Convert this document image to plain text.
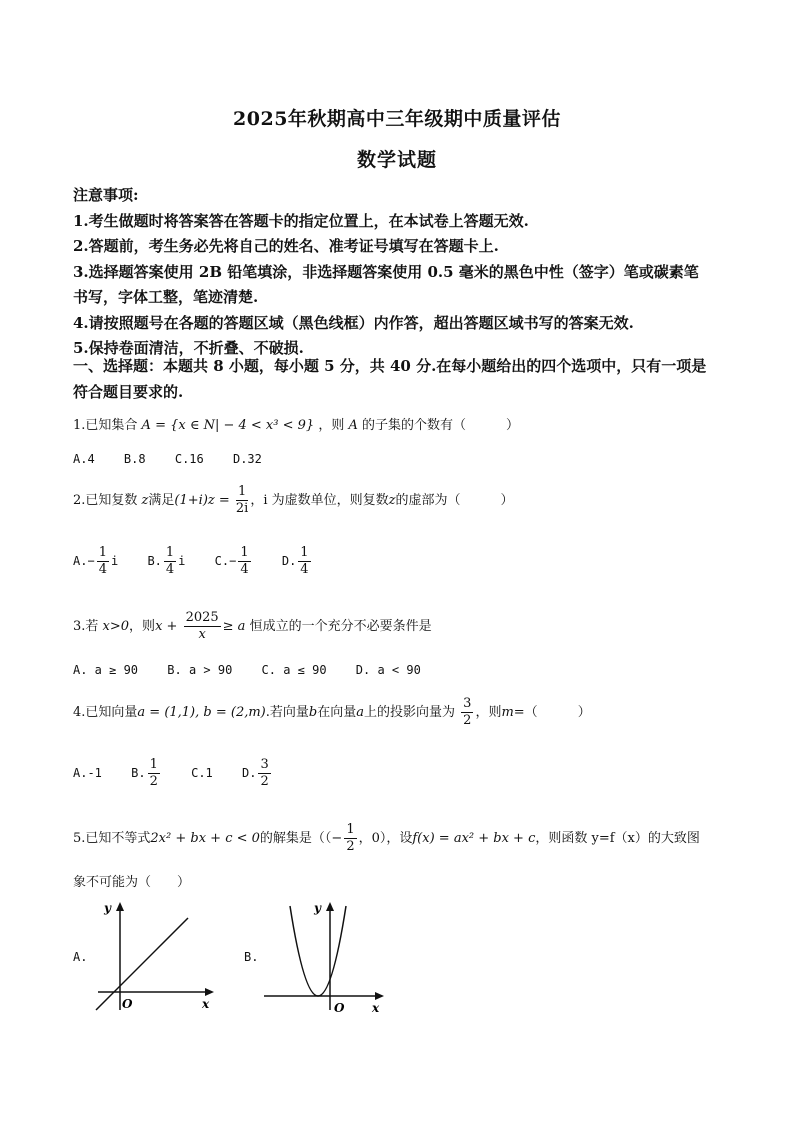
2025年秋期高中三年级期中质量评估
数学试题

注意事项:

1.考生做题时将答案答在答题卡的指定位置上，在本试卷上答题无效.

2.答题前，考生务必先将自己的姓名、准考证号填写在答题卡上.

3.选择题答案使用 2B 铅笔填涂，非选择题答案使用 0.5 毫米的黑色中性（签字）笔或碳素笔

书写，字体工整，笔迹清楚.

4.请按照题号在各题的答题区域（黑色线框）内作答，超出答题区域书写的答案无效.

5.保持卷面清洁，不折叠、不破损.

一、选择题：本题共 8 小题，每小题 5 分，共 40 分.在每小题给出的四个选项中，只有一项是
符合题目要求的.
1.已知集合 A = {x ∈ N| − 4 < x³ < 9} ，则 A 的子集的个数有（	）
A.4 B.8 C.16 D.32
2.已知复数 z满足$(1+i)z = \frac{1}{2i}$ ，i 为虚数单位，则复数z的虚部为（	）
$A.- \frac{1}{4}$ i B. $\frac{1}{4}$ i $C.- \frac{1}{4}$	D. $\frac{1}{4}$
3.若 x>0，则$x + \frac{2025}{x} \ge a$ 恒成立的一个充分不必要条件是
A. a ≥ 90 B. a > 90 C. a ≤ 90 D. a < 90
4.已知向量a = (1,1), b = (2,m).若向量b在向量a上的投影向量为 $\frac{3}{2}$ ，则m=（	）
A.-1 B. $\frac{1}{2}$	C.1 D. $\frac{3}{2}$
5.已知不等式2x² + bx + c < 0的解集是（（− $\frac{1}{2}$ ，0），设f(x) = ax² + bx + c，则函数 y=f（x）的大致图
象不可能为（　　）
A.
y
x
O
B.
y
x
O
